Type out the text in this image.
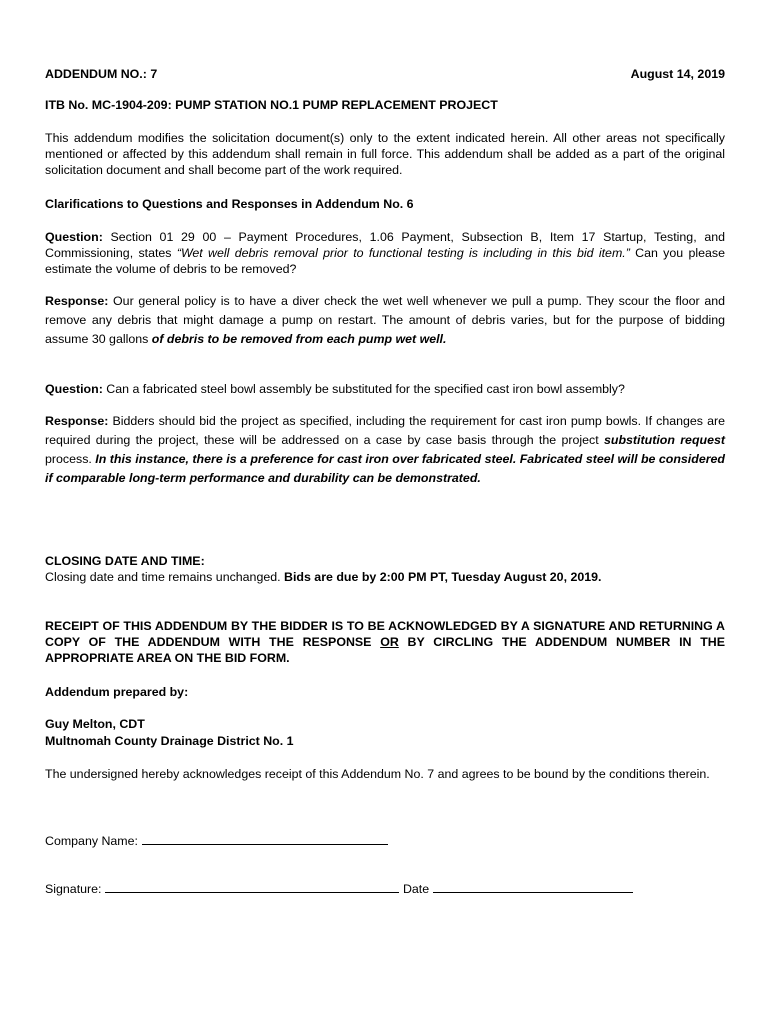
ADDENDUM NO.: 7	August 14, 2019
ITB No. MC-1904-209: PUMP STATION NO.1 PUMP REPLACEMENT PROJECT
This addendum modifies the solicitation document(s) only to the extent indicated herein. All other areas not specifically mentioned or affected by this addendum shall remain in full force. This addendum shall be added as a part of the original solicitation document and shall become part of the work required.
Clarifications to Questions and Responses in Addendum No. 6
Question: Section 01 29 00 – Payment Procedures, 1.06 Payment, Subsection B, Item 17 Startup, Testing, and Commissioning, states “Wet well debris removal prior to functional testing is including in this bid item.” Can you please estimate the volume of debris to be removed?
Response: Our general policy is to have a diver check the wet well whenever we pull a pump. They scour the floor and remove any debris that might damage a pump on restart. The amount of debris varies, but for the purpose of bidding assume 30 gallons of debris to be removed from each pump wet well.
Question: Can a fabricated steel bowl assembly be substituted for the specified cast iron bowl assembly?
Response: Bidders should bid the project as specified, including the requirement for cast iron pump bowls. If changes are required during the project, these will be addressed on a case by case basis through the project substitution request process. In this instance, there is a preference for cast iron over fabricated steel. Fabricated steel will be considered if comparable long-term performance and durability can be demonstrated.
CLOSING DATE AND TIME:
Closing date and time remains unchanged. Bids are due by 2:00 PM PT, Tuesday August 20, 2019.
RECEIPT OF THIS ADDENDUM BY THE BIDDER IS TO BE ACKNOWLEDGED BY A SIGNATURE AND RETURNING A COPY OF THE ADDENDUM WITH THE RESPONSE OR BY CIRCLING THE ADDENDUM NUMBER IN THE APPROPRIATE AREA ON THE BID FORM.
Addendum prepared by:
Guy Melton, CDT
Multnomah County Drainage District No. 1
The undersigned hereby acknowledges receipt of this Addendum No. 7 and agrees to be bound by the conditions therein.
Company Name:
Signature:	Date
